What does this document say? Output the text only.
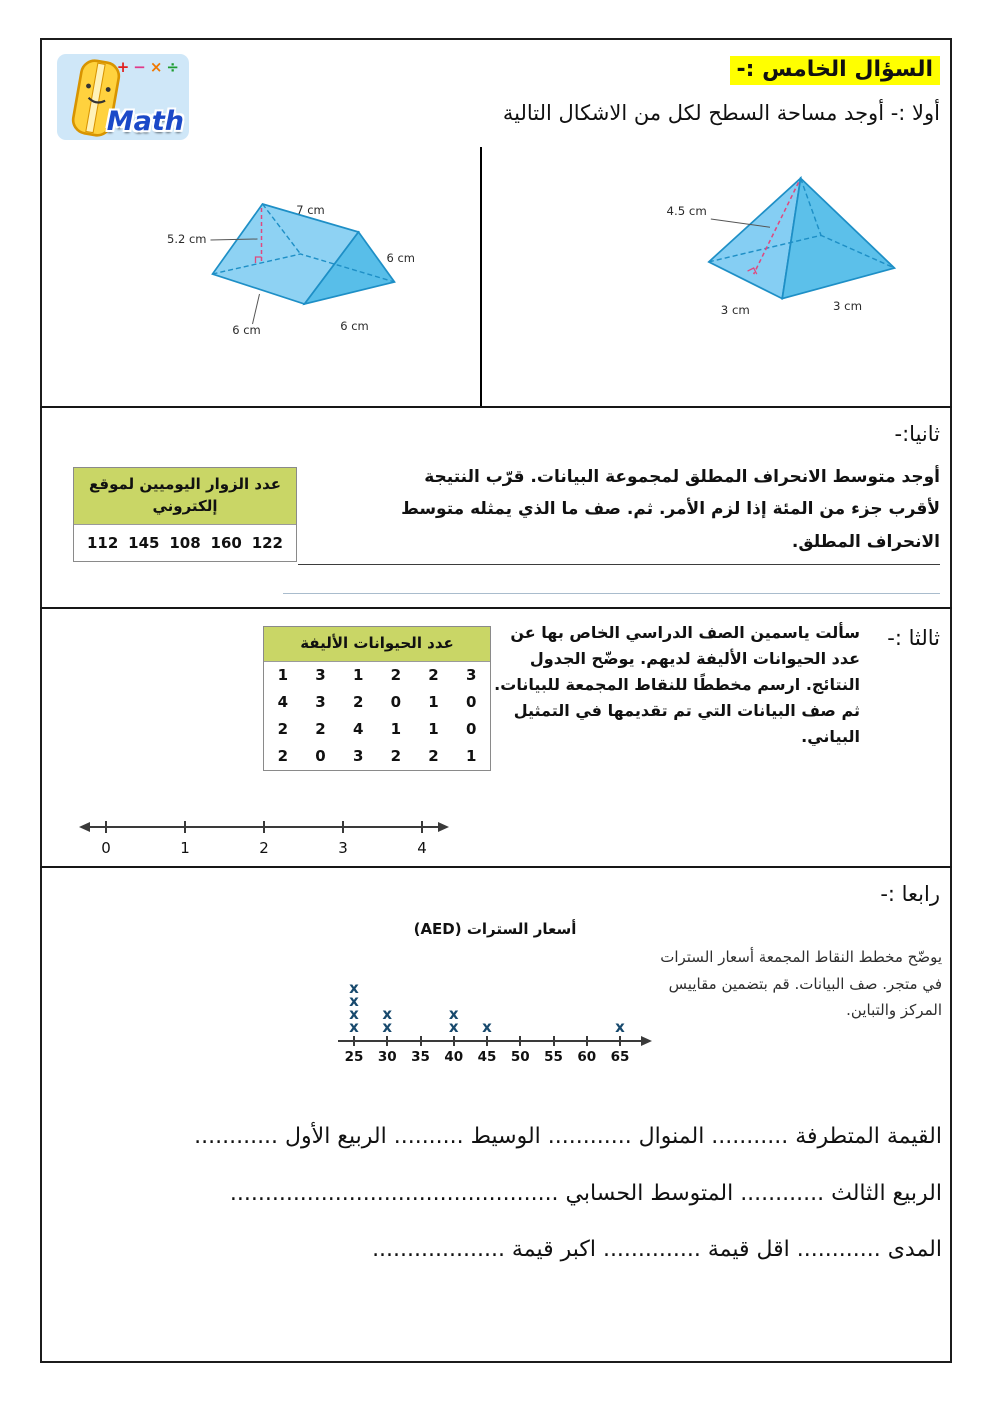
+−×÷
Math
السؤال الخامس :-
أولا :- أوجد مساحة السطح لكل من الاشكال التالية
7 cm
5.2 cm
6 cm
6 cm	6 cm
4.5 cm
3 cm	3 cm
ثانيا:-
عدد الزوار اليوميين لموقع إلكتروني
112 145 108 160 122
أوجد متوسط الانحراف المطلق لمجموعة البيانات. قرّب النتيجة لأقرب جزء من المئة إذا لزم الأمر. ثم. صف ما الذي يمثله متوسط الانحراف المطلق.
ثالثا :-
عدد الحيوانات الأليفة
1	3	1	2	2	3
4	3	2	0	1	0
2	2	4	1	1	0
2	0	3	2	2	1
سألت ياسمين الصف الدراسي الخاص بها عن عدد الحيوانات الأليفة لديهم. يوضّح الجدول النتائج. ارسم مخططًا للنقاط المجمعة للبيانات. ثم صف البيانات التي تم تقديمها في التمثيل البياني.
0	1	2	3	4
رابعا :-
أسعار السترات (AED)
يوضّح مخطط النقاط المجمعة أسعار السترات في متجر. صف البيانات. قم بتضمين مقاييس المركز والتباين.
x
x
x
x
25
x
x
30 35
x
x
40
x
45 50 55 60
x
65
القيمة المتطرفة ........... المنوال ............ الوسيط .......... الربيع الأول ............
الربيع الثالث ............ المتوسط الحسابي ...............................................
المدى ............ اقل قيمة .............. اكبر قيمة ...................
